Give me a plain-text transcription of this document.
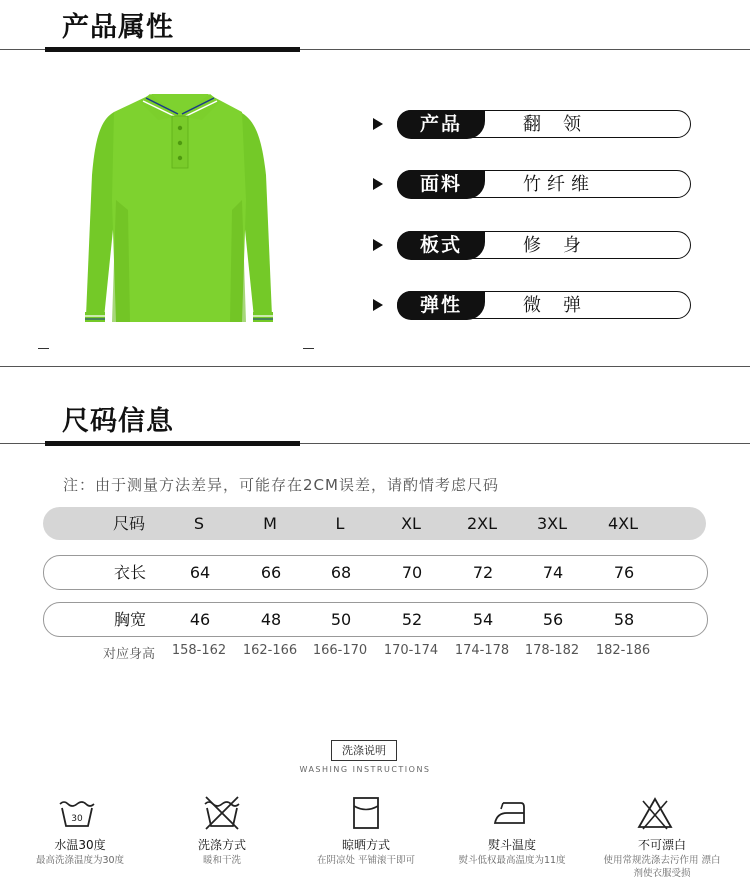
产品属性
产品	翻领
面料	竹纤维
板式	修身
弹性	微弹
尺码信息
注：由于测量方法差异，可能存在2CM误差，请酌情考虑尺码
尺码	S	M	L	XL	2XL	3XL	4XL
衣长	64	66	68	70	72	74	76
胸宽	46	48	50	52	54	56	58
对应身高	158-162	162-166	166-170	170-174	174-178	178-182	182-186
洗涤说明
WASHING INSTRUCTIONS
30
水温30度	洗涤方式	晾晒方式	熨斗温度	不可漂白
最高洗涤温度为30度	暖和干洗	在阴凉处 平铺滚干即可	熨斗低权最高温度为11度	使用常规洗涤去污作用 漂白剂使衣服受损
